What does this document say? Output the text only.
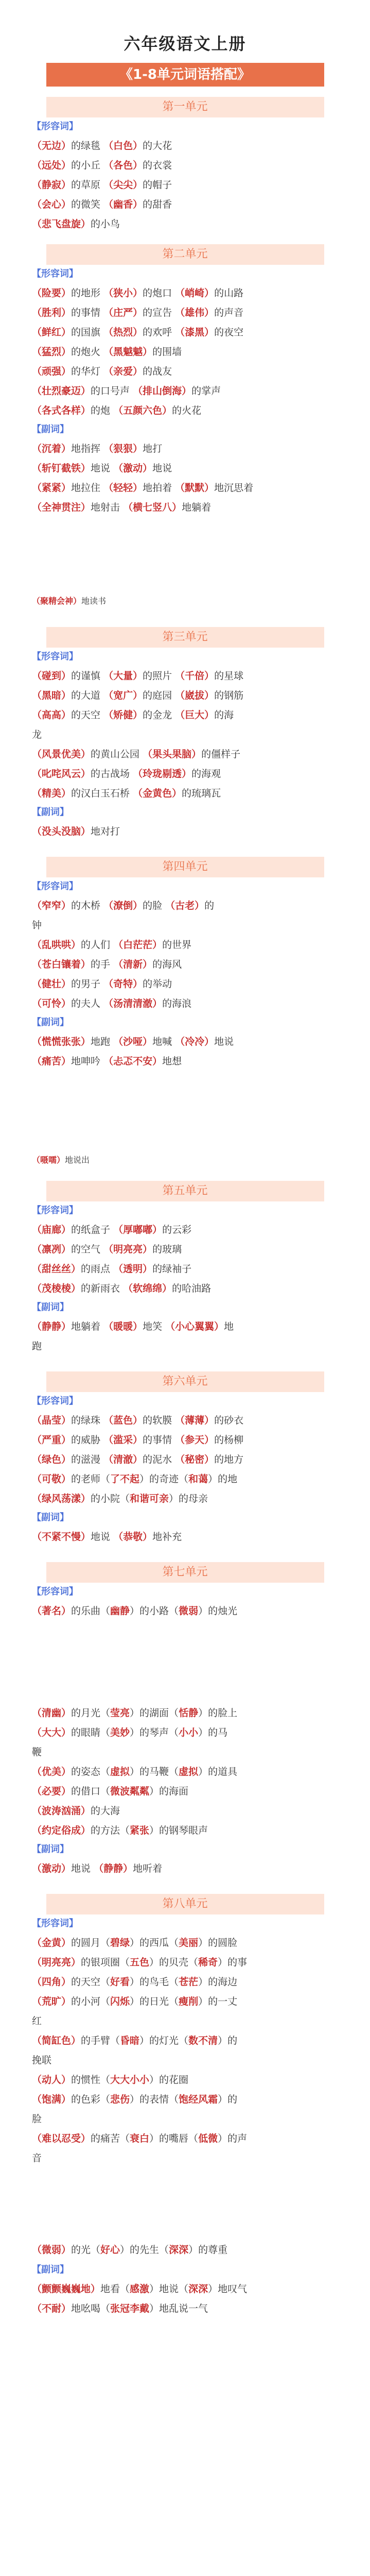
六年级语文上册
《1-8单元词语搭配》
第一单元
【形容词】
（无边）的绿毯 （白色）的大花
（远处）的小丘 （各色）的衣裳
（静寂）的草原 （尖尖）的帽子
（会心）的微笑 （幽香）的甜香
（悲飞盘旋）的小鸟
第二单元
【形容词】
（险要）的地形 （狭小）的炮口 （峭崎）的山路
（胜利）的事情 （庄严）的宣告 （雄伟）的声音
（鲜红）的国旗 （热烈）的欢呼 （漆黑）的夜空
（猛烈）的炮火 （黑魆魆）的围墙
（顽强）的华灯 （亲爱）的战友
（壮烈豪迈）的口号声 （排山倒海）的掌声
（各式各样）的炮 （五颜六色）的火花
【副词】
（沉着）地指挥 （狠狠）地打
（斩钉截铁）地说 （激动）地说
（紧紧）地拉住 （轻轻）地拍着 （默默）地沉思着
（全神贯注）地射击 （横七竖八）地躺着
（聚精会神）地读书
第三单元
【形容词】
（碰到）的谨慎 （大量）的照片 （千倍）的星球
（黑暗）的大道 （宽广）的庭园 （崴拔）的钢筋
（高高）的天空 （矫健）的金龙 （巨大）的海
龙
（风景优美）的黄山公园 （果头果脑）的僵样子
（叱咤风云）的古战场 （玲珑剔透）的海观
（精美）的汉白玉石桥 （金黄色）的琉璃瓦
【副词】
（没头没脑）地对打
第四单元
【形容词】
（窄窄）的木桥 （潦倒）的脸 （古老）的
钟
（乱哄哄）的人们 （白茫茫）的世界
（苍白镶着）的手 （清新）的海风
（健壮）的男子 （奇特）的举动
（可怜）的夫人 （汤清清澈）的海浪
【副词】
（慌慌张张）地跑 （沙哑）地喊 （冷冷）地说
（痛苦）地呻吟 （忐忑不安）地想
（嗫嚅）地说出
第五单元
【形容词】
（庙廊）的纸盒子 （厚嘟嘟）的云彩
（凛冽）的空气 （明亮亮）的玻璃
（甜丝丝）的雨点 （透明）的绿袖子
（茂棱棱）的新雨衣 （软绵绵）的哈油路
【副词】
（静静）地躺着 （暖暖）地笑 （小心翼翼）地
跑
第六单元
【形容词】
（晶莹）的绿珠 （蓝色）的软膜 （薄薄）的砂衣
（严重）的威胁 （滥采）的事情 （参天）的杨柳
（绿色）的滋漫 （清澈）的泥水 （秘密）的地方
（可敬）的老师（了不起）的奇迹（和蔼）的地
（绿风荡漾）的小院（和谐可亲）的母亲
【副词】
（不紧不慢）地说 （恭敬）地补充
第七单元
【形容词】
（著名）的乐曲（幽静）的小路（微弱）的烛光
（清幽）的月光（莹亮）的湖面（恬静）的脸上
（大大）的眼睛（美妙）的琴声（小小）的马
鞭
（优美）的姿态（虚拟）的马鞭（虚拟）的道具
（必要）的借口（微波粼粼）的海面
（波涛汹涌）的大海
（约定俗成）的方法（紧张）的钢琴眼声
【副词】
（激动）地说 （静静）地听着
第八单元
【形容词】
（金黄）的圆月（碧绿）的西瓜（美丽）的圆脸
（明亮亮）的银项圈（五色）的贝壳（稀奇）的事
（四角）的天空（好看）的鸟毛（苍茫）的海边
（荒旷）的小河（闪烁）的日光（瘦削）的一丈
红
（简缸色）的手臂（昏暗）的灯光（数不清）的
挽联
（动人）的惯性（大大小小）的花圈
（饱满）的色彩（悲伤）的表情（饱经风霜）的
脸
（难以忍受）的痛苦（衰白）的嘴唇（低微）的声
音
（微弱）的光（好心）的先生（深深）的尊重
【副词】
（颤颤巍巍地）地看（感激）地说（深深）地叹气
（不耐）地吆喝（张冠李戴）地乱说一气
